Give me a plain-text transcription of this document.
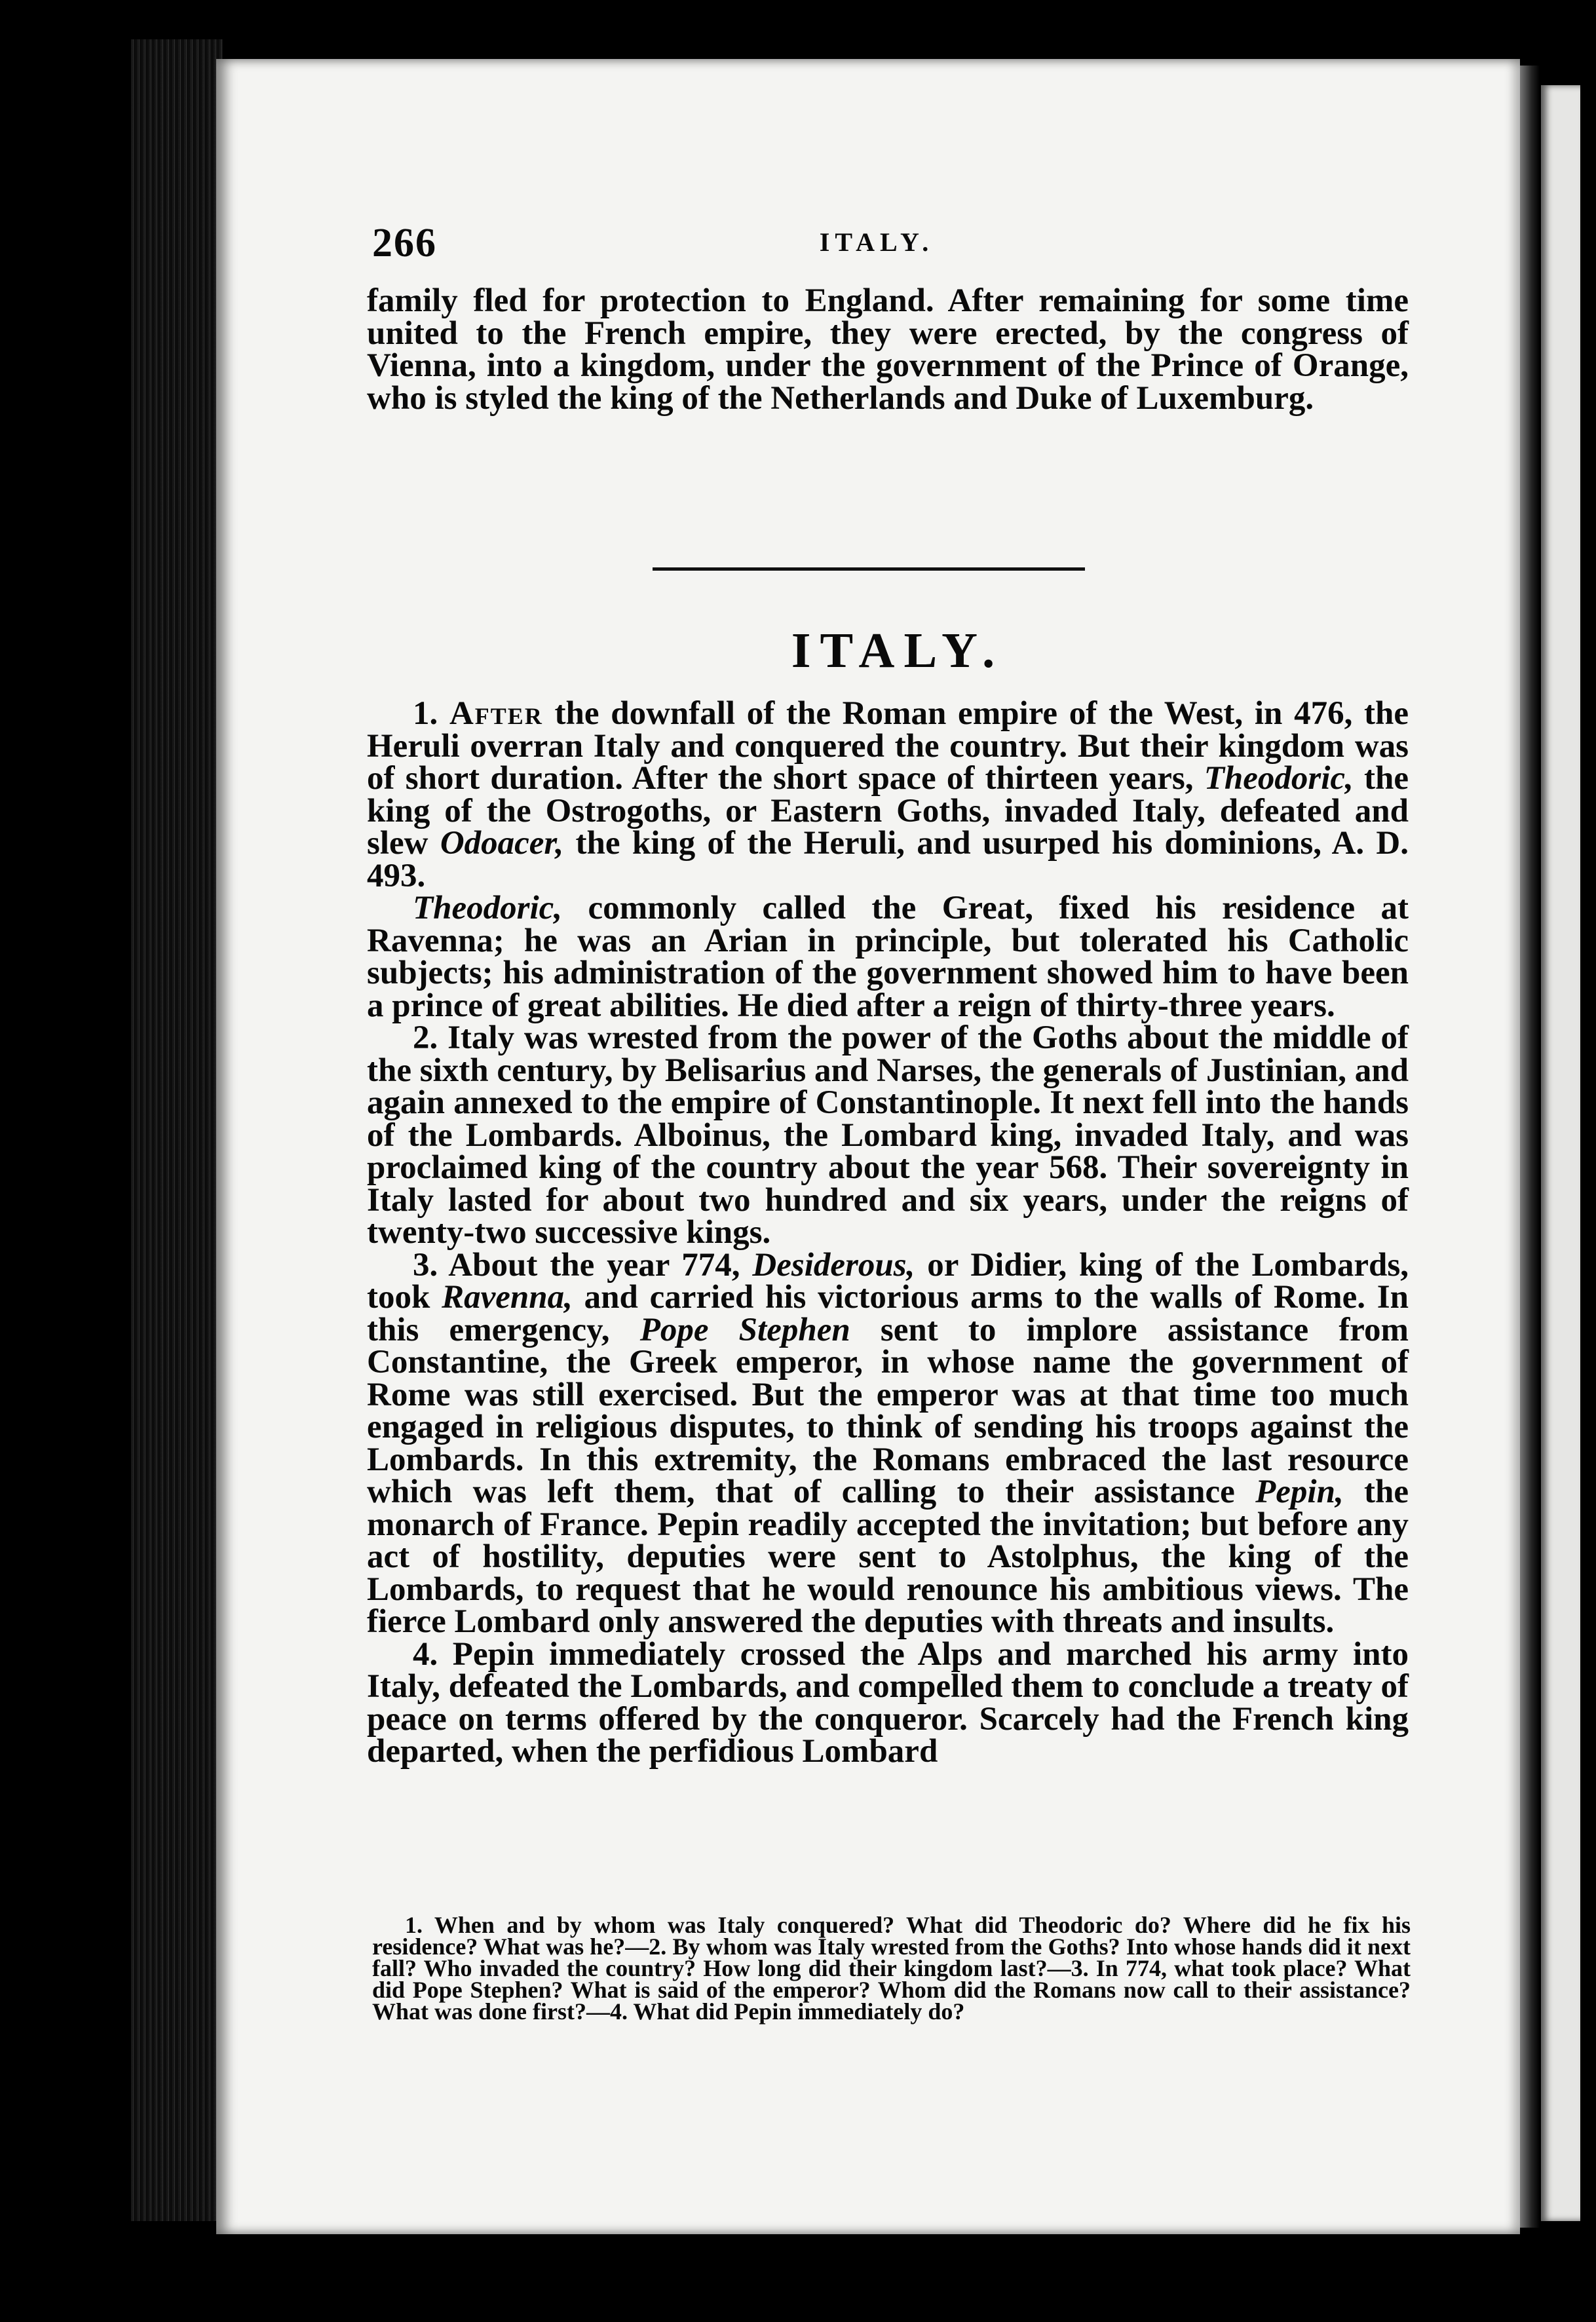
266	ITALY.

family fled for protection to England. After remaining for some time united to the French empire, they were erected, by the congress of Vienna, into a kingdom, under the government of the Prince of Orange, who is styled the king of the Netherlands and Duke of Luxemburg.

ITALY.

1. After the downfall of the Roman empire of the West, in 476, the Heruli overran Italy and conquered the country. But their kingdom was of short duration. After the short space of thirteen years, Theodoric, the king of the Ostrogoths, or Eastern Goths, invaded Italy, defeated and slew Odoacer, the king of the Heruli, and usurped his dominions, A. D. 493.

Theodoric, commonly called the Great, fixed his residence at Ravenna; he was an Arian in principle, but tolerated his Catholic subjects; his administration of the government showed him to have been a prince of great abilities. He died after a reign of thirty-three years.

2. Italy was wrested from the power of the Goths about the middle of the sixth century, by Belisarius and Narses, the generals of Justinian, and again annexed to the empire of Constantinople. It next fell into the hands of the Lombards. Alboinus, the Lombard king, invaded Italy, and was proclaimed king of the country about the year 568. Their sovereignty in Italy lasted for about two hundred and six years, under the reigns of twenty-two successive kings.

3. About the year 774, Desiderous, or Didier, king of the Lombards, took Ravenna, and carried his victorious arms to the walls of Rome. In this emergency, Pope Stephen sent to implore assistance from Constantine, the Greek emperor, in whose name the government of Rome was still exercised. But the emperor was at that time too much engaged in religious disputes, to think of sending his troops against the Lombards. In this extremity, the Romans embraced the last resource which was left them, that of calling to their assistance Pepin, the monarch of France. Pepin readily accepted the invitation; but before any act of hostility, deputies were sent to Astolphus, the king of the Lombards, to request that he would renounce his ambitious views. The fierce Lombard only answered the deputies with threats and insults.

4. Pepin immediately crossed the Alps and marched his army into Italy, defeated the Lombards, and compelled them to conclude a treaty of peace on terms offered by the conqueror. Scarcely had the French king departed, when the perfidious Lombard

1. When and by whom was Italy conquered? What did Theodoric do? Where did he fix his residence? What was he?—2. By whom was Italy wrested from the Goths? Into whose hands did it next fall? Who invaded the country? How long did their kingdom last?—3. In 774, what took place? What did Pope Stephen? What is said of the emperor? Whom did the Romans now call to their assistance? What was done first?—4. What did Pepin immediately do?
